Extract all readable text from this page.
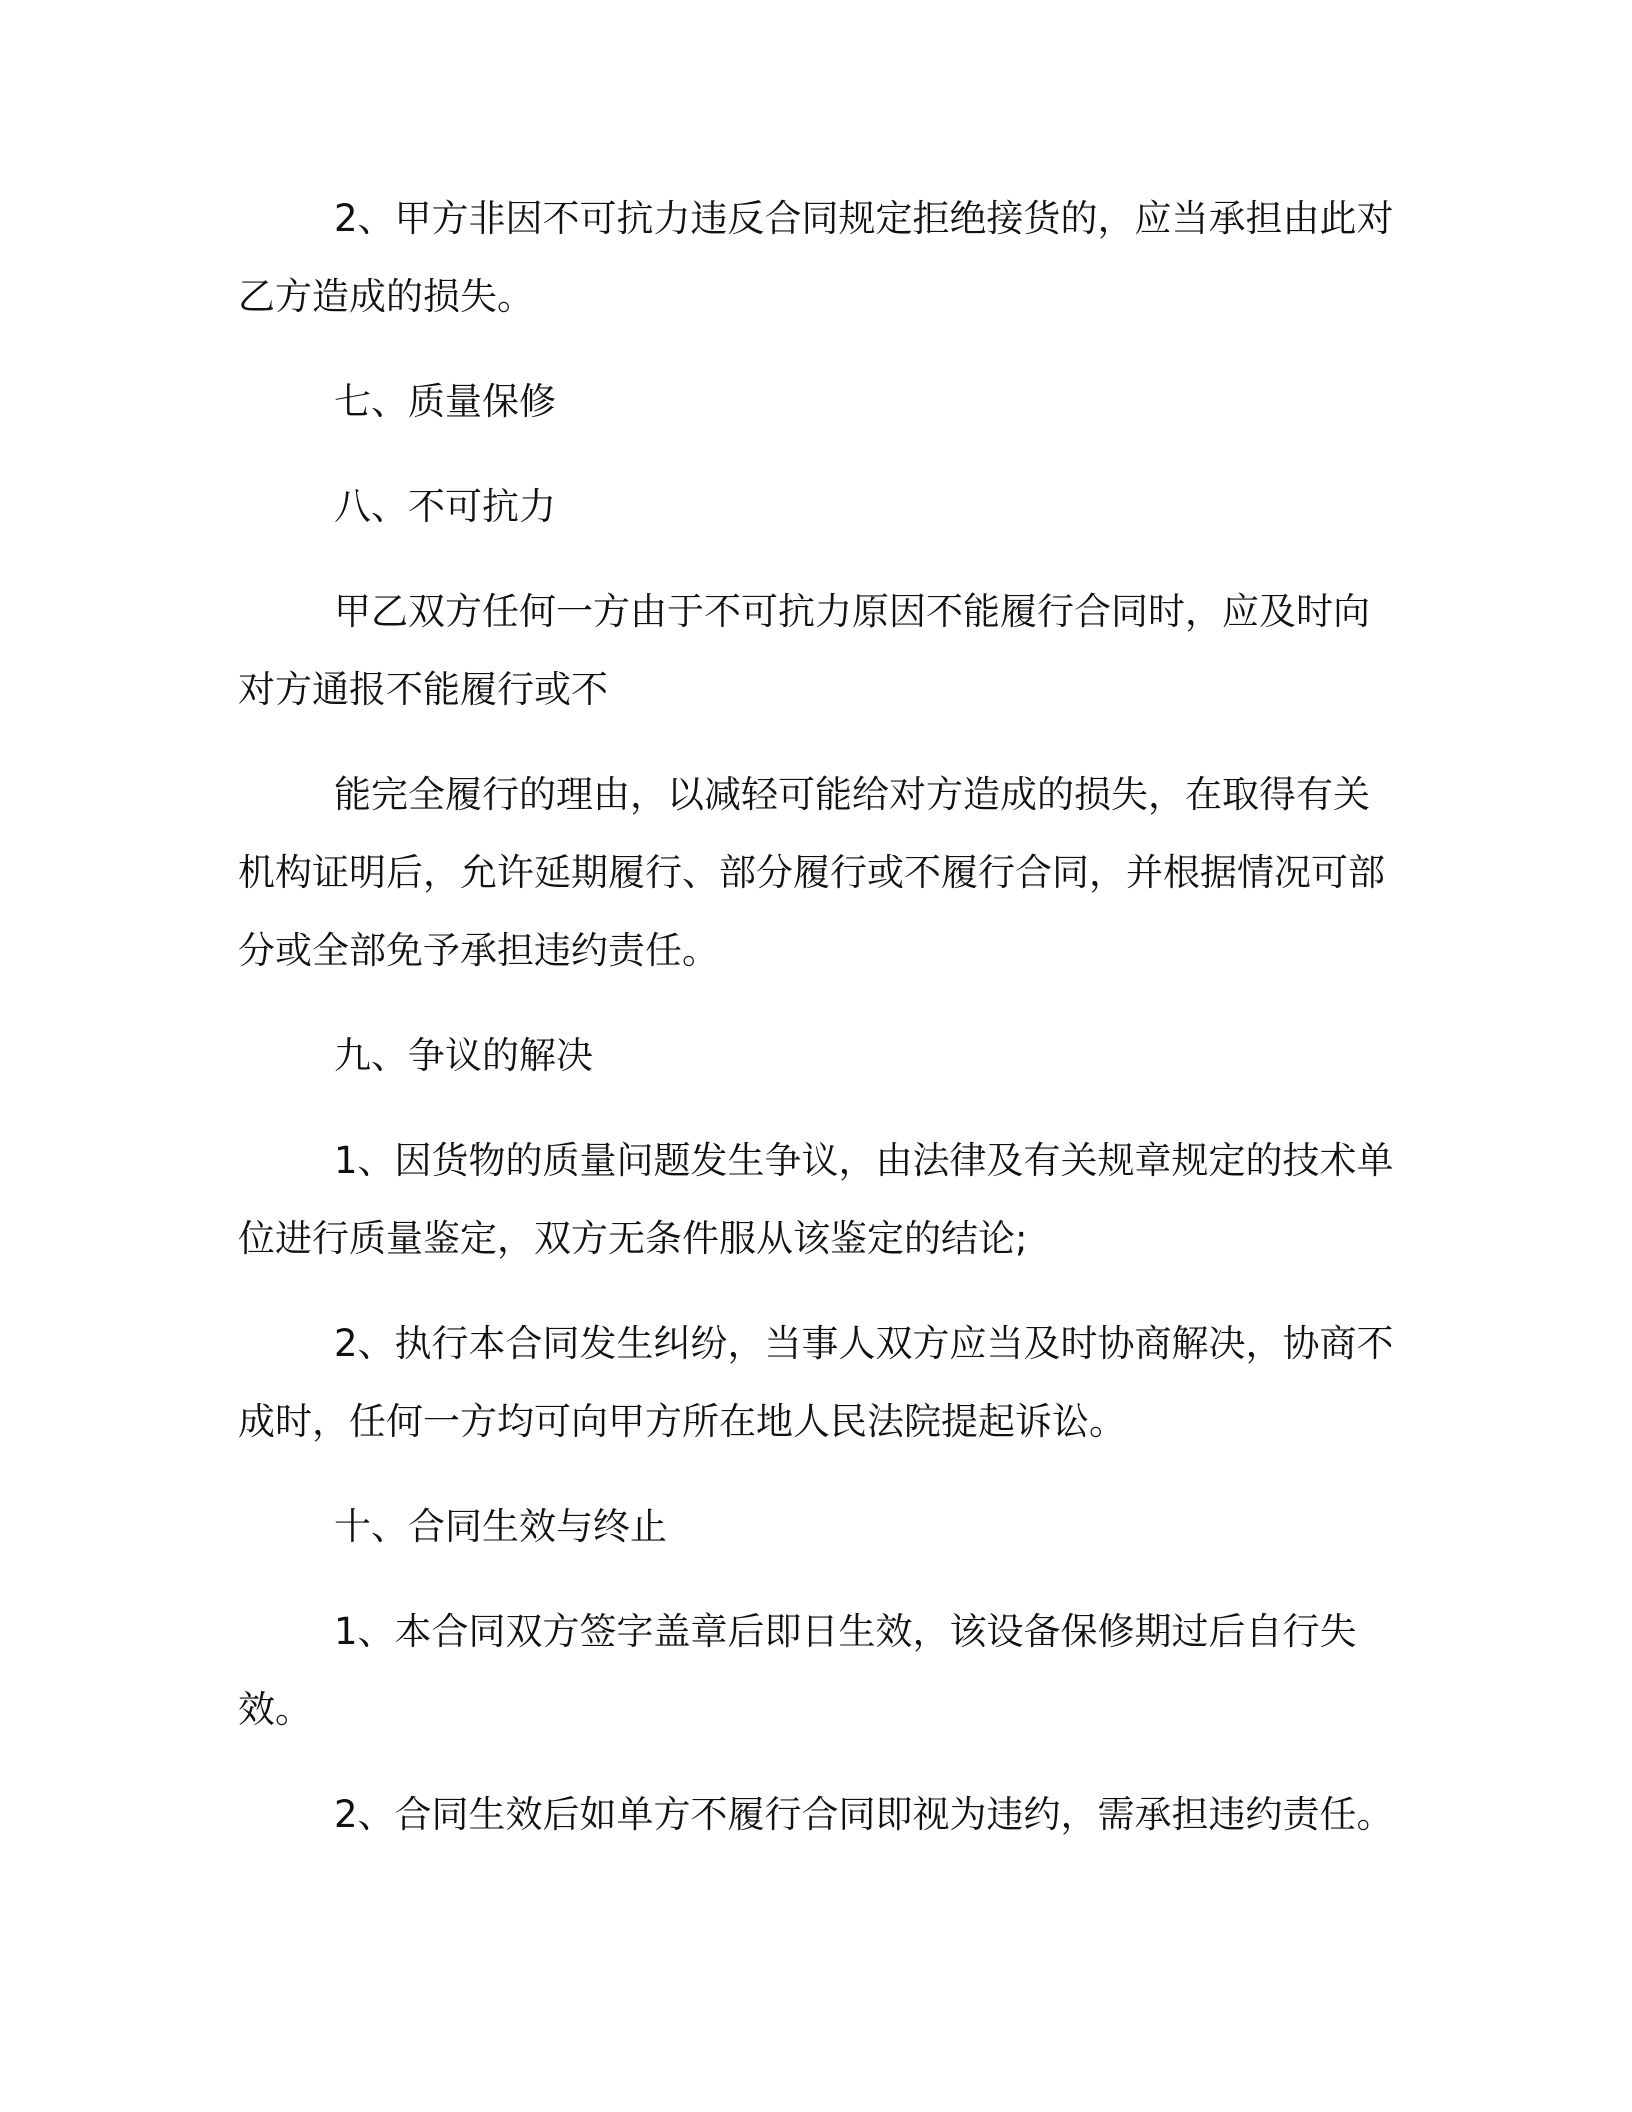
2、甲方非因不可抗力违反合同规定拒绝接货的，应当承担由此对乙方造成的损失。

七、质量保修

八、不可抗力

甲乙双方任何一方由于不可抗力原因不能履行合同时，应及时向对方通报不能履行或不

能完全履行的理由，以减轻可能给对方造成的损失，在取得有关机构证明后，允许延期履行、部分履行或不履行合同，并根据情况可部分或全部免予承担违约责任。

九、争议的解决

1、因货物的质量问题发生争议，由法律及有关规章规定的技术单位进行质量鉴定，双方无条件服从该鉴定的结论;

2、执行本合同发生纠纷，当事人双方应当及时协商解决，协商不成时，任何一方均可向甲方所在地人民法院提起诉讼。

十、合同生效与终止

1、本合同双方签字盖章后即日生效，该设备保修期过后自行失效。

2、合同生效后如单方不履行合同即视为违约，需承担违约责任。
